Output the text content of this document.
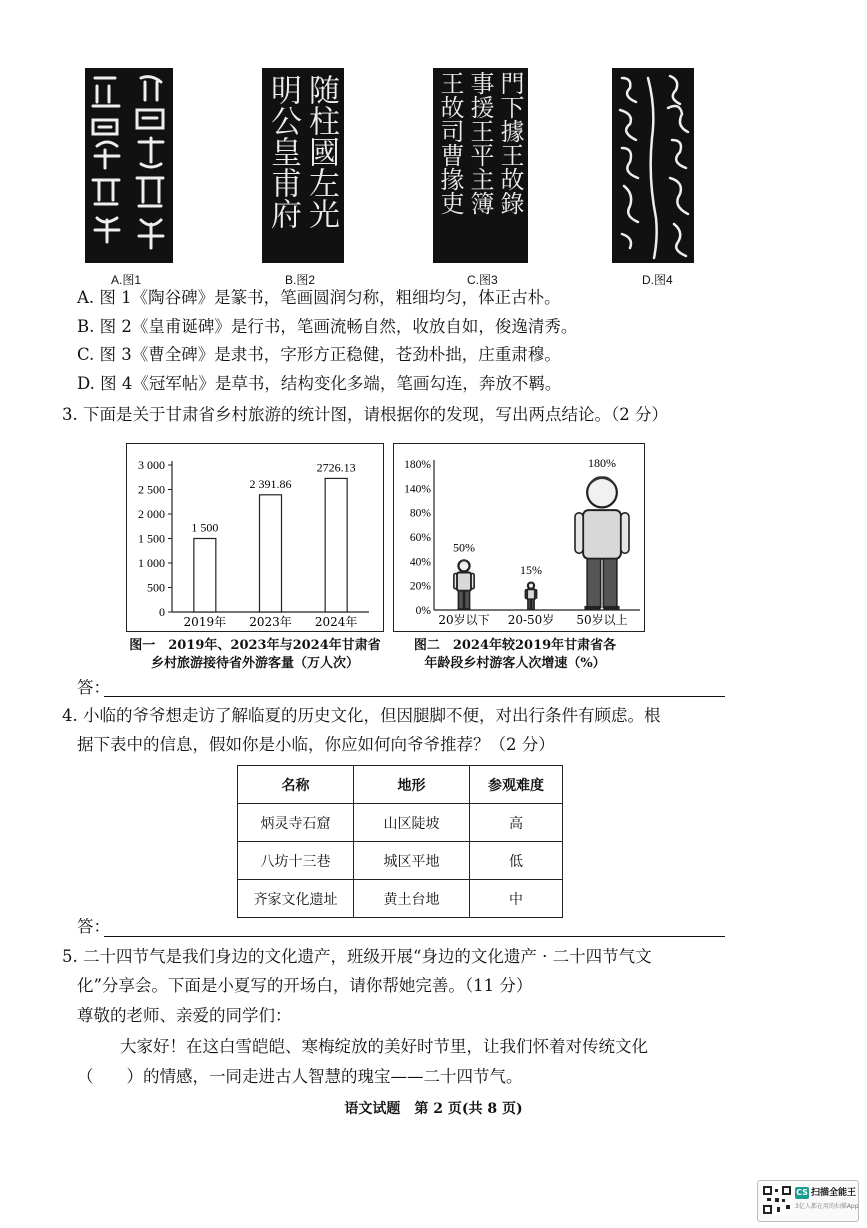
随柱國左光
明公皇甫府	門下據王故錄
事援王平主簿
王故司曹掾吏
A.图1	B.图2	C.图3	D.图4
A. 图 1《陶谷碑》是篆书，笔画圆润匀称，粗细均匀，体正古朴。
B. 图 2《皇甫诞碑》是行书，笔画流畅自然，收放自如，俊逸清秀。
C. 图 3《曹全碑》是隶书，字形方正稳健，苍劲朴拙，庄重肃穆。
D. 图 4《冠军帖》是草书，结构变化多端，笔画勾连，奔放不羁。
3. 下面是关于甘肃省乡村旅游的统计图，请根据你的发现，写出两点结论。（2 分）
0
500
1 000
1 500
2 000
2 500
3 000
1 500
2019年
2 391.86
2023年
2726.13
2024年
图一　2019年、2023年与2024年甘肃省
乡村旅游接待省外游客量（万人次）
0%
20%
40%
60%
80%
140%
180%
50%
20岁以下
15%
20-50岁
180%
50岁以上
图二　2024年较2019年甘肃省各
年龄段乡村游客人次增速（%）
答：
4. 小临的爷爷想走访了解临夏的历史文化，但因腿脚不便，对出行条件有顾虑。根
据下表中的信息，假如你是小临，你应如何向爷爷推荐？（2 分）
名称	地形	参观难度
炳灵寺石窟	山区陡坡	高
八坊十三巷	城区平地	低
齐家文化遗址	黄土台地	中
答：
5. 二十四节气是我们身边的文化遗产，班级开展“身边的文化遗产 · 二十四节气文
化”分享会。下面是小夏写的开场白，请你帮她完善。（11 分）
尊敬的老师、亲爱的同学们：
大家好！在这白雪皑皑、寒梅绽放的美好时节里，让我们怀着对传统文化
（　　）的情感，一同走进古人智慧的瑰宝——二十四节气。
语文试题　第 2 页(共 8 页)
CS 扫描全能王
3亿人都在用的扫描App
